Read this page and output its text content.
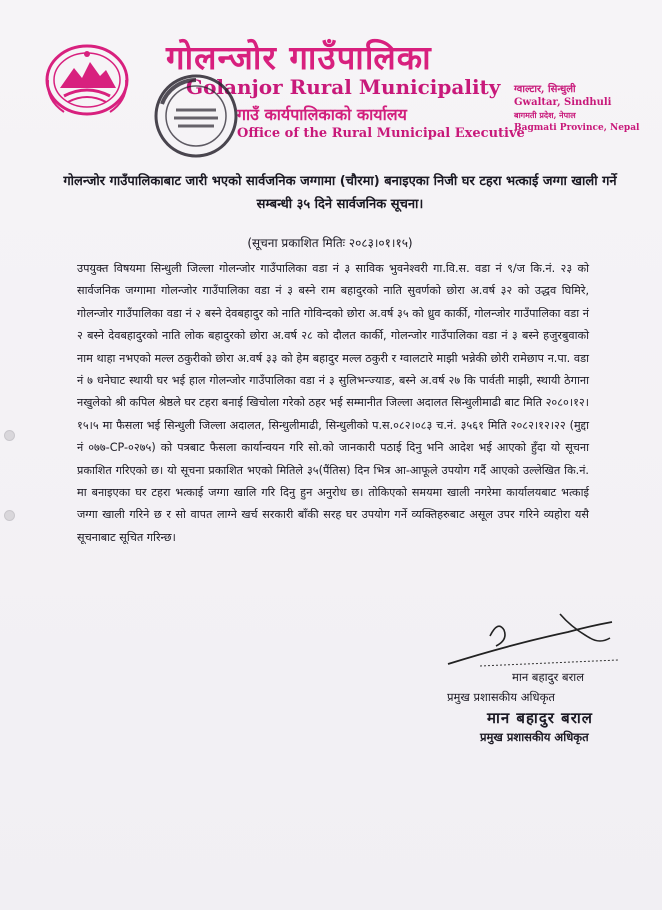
गोलन्जोर गाउँपालिका
Golanjor Rural Municipality
गाउँ कार्यपालिकाको कार्यालय
Office of the Rural Municipal Executive
ग्वाल्टार, सिन्धुली
Gwaltar, Sindhuli
बागमती प्रदेश, नेपाल
Bagmati Province, Nepal
गोलन्जोर गाउँपालिकाबाट जारी भएको सार्वजनिक जग्गामा (चौरमा) बनाइएका निजी घर टहरा भत्काई जग्गा खाली गर्ने सम्बन्धी ३५ दिने सार्वजनिक सूचना।
(सूचना प्रकाशित मितिः २०८३।०१।१५)
उपयुक्त विषयमा सिन्धुली जिल्ला गोलन्जोर गाउँपालिका वडा नं ३ साविक भुवनेश्वरी गा.वि.स. वडा नं ९/ज कि.नं. २३ को सार्वजनिक जग्गामा गोलन्जोर गाउँपालिका वडा नं ३ बस्ने राम बहादुरको नाति सुवर्णको छोरा अ.वर्ष ३२ को उद्धव घिमिरे, गोलन्जोर गाउँपालिका वडा नं २ बस्ने देवबहादुर को नाति गोविन्दको छोरा अ.वर्ष ३५ को ध्रुव कार्की, गोलन्जोर गाउँपालिका वडा नं २ बस्ने देवबहादुरको नाति लोक बहादुरको छोरा अ.वर्ष २८ को दौलत कार्की, गोलन्जोर गाउँपालिका वडा नं ३ बस्ने हजुरबुवाको नाम थाहा नभएको मल्ल ठकुरीको छोरा अ.वर्ष ३३ को हेम बहादुर मल्ल ठकुरी र ग्वालटारे माझी भन्नेकी छोरी रामेछाप न.पा. वडा नं ७ धनेघाट स्थायी घर भई हाल गोलन्जोर गाउँपालिका वडा नं ३ सुलिभन्ज्याङ, बस्ने अ.वर्ष २७ कि पार्वती माझी, स्थायी ठेगाना नखुलेको श्री कपिल श्रेष्ठले घर टहरा बनाई खिचोला गरेको ठहर भई सम्मानीत जिल्ला अदालत सिन्धुलीमाढी बाट मिति २०८०।१२।१५।५ मा फैसला भई सिन्धुली जिल्ला अदालत, सिन्धुलीमाढी, सिन्धुलीको प.स.०८२।०८३ च.नं. ३५६१ मिति २०८२।१२।२२ (मुद्दा नं ०७७-CP-०२७५) को पत्रबाट फैसला कार्यान्वयन गरि सो.को जानकारी पठाई दिनु भनि आदेश भई आएको हुँदा यो सूचना प्रकाशित गरिएको छ। यो सूचना प्रकाशित भएको मितिले ३५(पैंतिस) दिन भित्र आ-आफूले उपयोग गर्दै आएको उल्लेखित कि.नं. मा बनाइएका घर टहरा भत्काई जग्गा खालि गरि दिनु हुन अनुरोध छ। तोकिएको समयमा खाली नगरेमा कार्यालयबाट भत्काई जग्गा खाली गरिने छ र सो वापत लाग्ने खर्च सरकारी बाँकी सरह घर उपयोग गर्ने व्यक्तिहरुबाट असूल उपर गरिने व्यहोरा यसै सूचनाबाट सूचित गरिन्छ।
मान बहादुर बराल
प्रमुख प्रशासकीय अधिकृत
मान बहादुर बराल
प्रमुख प्रशासकीय अधिकृत
